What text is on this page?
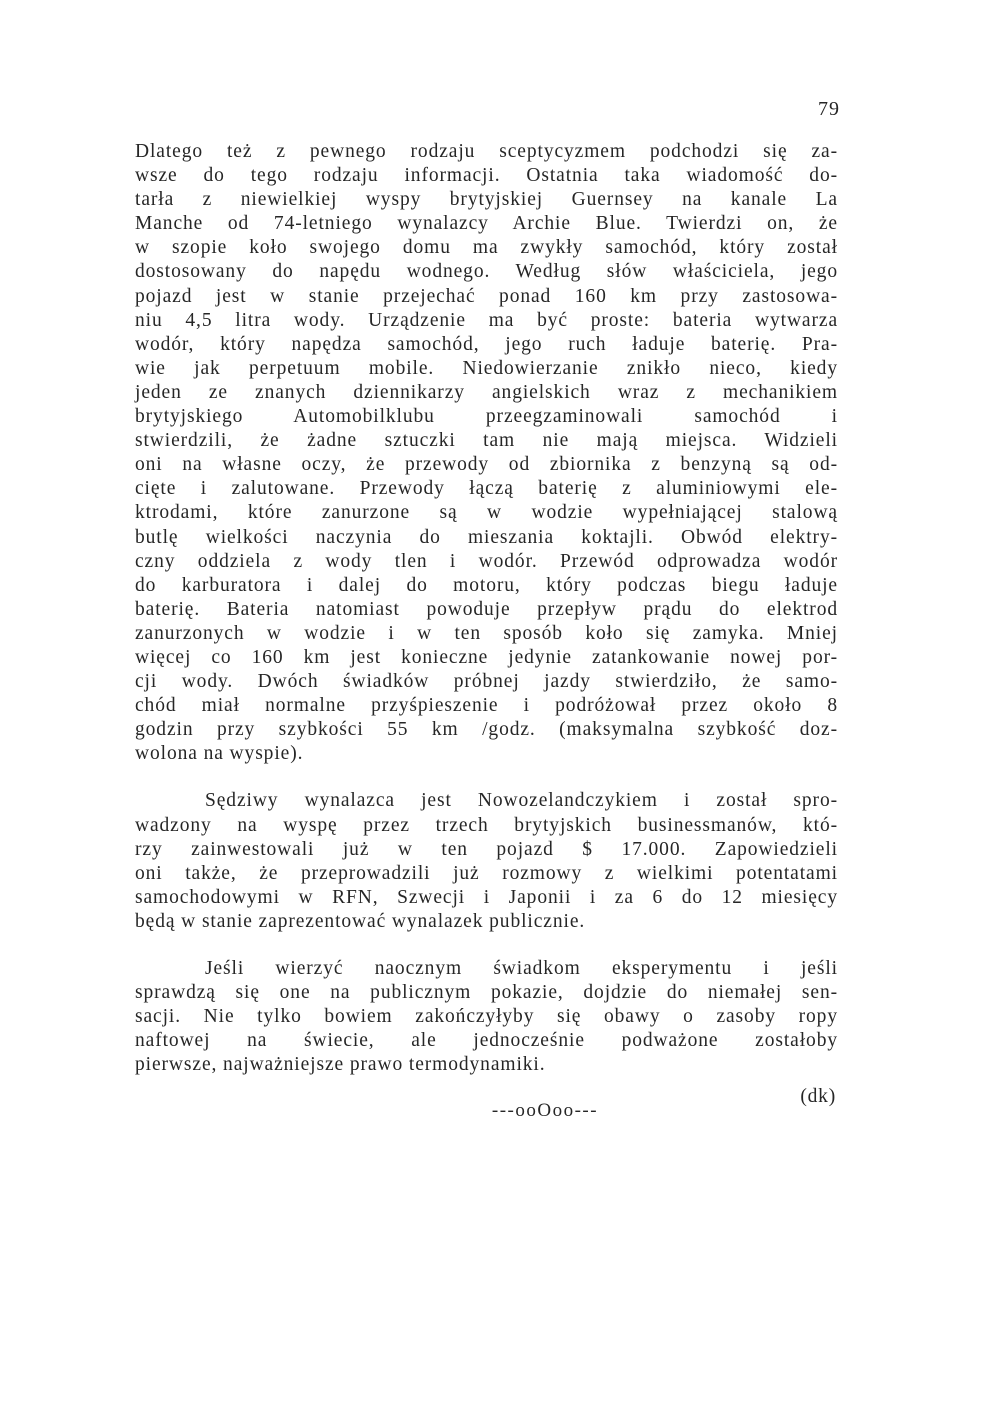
79
Dlatego też z pewnego rodzaju sceptycyzmem podchodzi się za-
wsze do tego rodzaju informacji. Ostatnia taka wiadomość do-
tarła z niewielkiej wyspy brytyjskiej Guernsey na kanale La
Manche od 74-letniego wynalazcy Archie Blue. Twierdzi on, że
w szopie koło swojego domu ma zwykły samochód, który został
dostosowany do napędu wodnego. Według słów właściciela, jego
pojazd jest w stanie przejechać ponad 160 km przy zastosowa-
niu 4,5 litra wody. Urządzenie ma być proste: bateria wytwarza
wodór, który napędza samochód, jego ruch ładuje baterię. Pra-
wie jak perpetuum mobile. Niedowierzanie znikło nieco, kiedy
jeden ze znanych dziennikarzy angielskich wraz z mechanikiem
brytyjskiego Automobilklubu przeegzaminowali samochód i
stwierdzili, że żadne sztuczki tam nie mają miejsca. Widzieli
oni na własne oczy, że przewody od zbiornika z benzyną są od-
cięte i zalutowane. Przewody łączą baterię z aluminiowymi ele-
ktrodami, które zanurzone są w wodzie wypełniającej stalową
butlę wielkości naczynia do mieszania koktajli. Obwód elektry-
czny oddziela z wody tlen i wodór. Przewód odprowadza wodór
do karburatora i dalej do motoru, który podczas biegu ładuje
baterię. Bateria natomiast powoduje przepływ prądu do elektrod
zanurzonych w wodzie i w ten sposób koło się zamyka. Mniej
więcej co 160 km jest konieczne jedynie zatankowanie nowej por-
cji wody. Dwóch świadków próbnej jazdy stwierdziło, że samo-
chód miał normalne przyśpieszenie i podróżował przez około 8
godzin przy szybkości 55 km /godz. (maksymalna szybkość doz-
wolona na wyspie).
Sędziwy wynalazca jest Nowozelandczykiem i został spro-
wadzony na wyspę przez trzech brytyjskich businessmanów, któ-
rzy zainwestowali już w ten pojazd $ 17.000. Zapowiedzieli
oni także, że przeprowadzili już rozmowy z wielkimi potentatami
samochodowymi w RFN, Szwecji i Japonii i za 6 do 12 miesięcy
będą w stanie zaprezentować wynalazek publicznie.
Jeśli wierzyć naocznym świadkom eksperymentu i jeśli
sprawdzą się one na publicznym pokazie, dojdzie do niemałej sen-
sacji. Nie tylko bowiem zakończyłyby się obawy o zasoby ropy
naftowej na świecie, ale jednocześnie podważone zostałoby
pierwsze, najważniejsze prawo termodynamiki.
(dk)
---ooOoo---
